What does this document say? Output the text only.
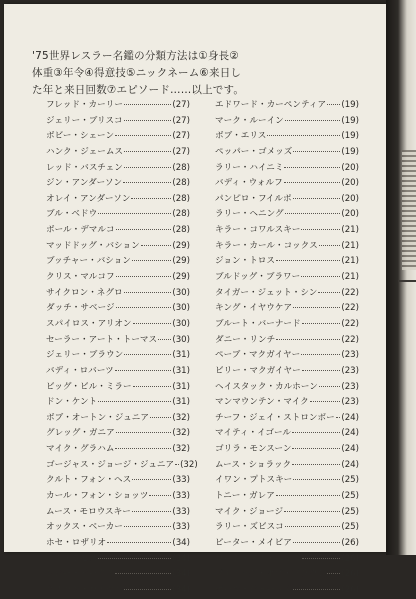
'75世界レスラー名鑑の分類方法は①身長②
体重③年令④得意技⑤ニックネーム⑥来日し
た年と来日回数⑦エピソード……以上です。
フレッド・カーリー	(27)
ジェリー・ブリスコ	(27)
ボビー・シェーン	(27)
ハンク・ジェームス	(27)
レッド・バスチェン	(28)
ジン・アンダーソン	(28)
オレイ・アンダーソン	(28)
ブル・ベドウ	(28)
ボール・デマルコ	(28)
マッドドッグ・バション	(29)
ブッチャー・バション	(29)
クリス・マルコフ	(29)
サイクロン・ネグロ	(30)
ダッチ・サベージ	(30)
スパイロス・アリオン	(30)
セーラー・アート・トーマス (30)
ジェリー・ブラウン	(31)
バディ・ロバーツ	(31)
ビッグ・ビル・ミラー	(31)
ドン・ケント	(31)
ボブ・オートン・ジュニア	(32)
グレッグ・ガニア	(32)
マイク・グラハム	(32)
ゴージャス・ジョージ・ジュニア (32)
クルト・フォン・ヘス	(33)
カール・フォン・ショッツ	(33)
ムース・モロウスキー	(33)
オックス・ベーカー	(33)
ホセ・ロザリオ	(34)
ブル・ラモス	(34)
レジー・パークス	(34)
ネルソン・ロイヤル	(34)
エドワード・カーペンティア (19)
マーク・ルーイン	(19)
ボブ・エリス	(19)
ペッパー・ゴメッズ	(19)
ラリー・ハイニミ	(20)
バディ・ウォルフ	(20)
パンピロ・フイルポ	(20)
ラリー・ヘニング	(20)
キラー・コワルスキー	(21)
キラー・カール・コックス	(21)
ジョン・トロス	(21)
ブルドッグ・ブラワー	(21)
タイガー・ジェット・シン	(22)
キング・イヤウケア	(22)
ブルート・バーナード	(22)
ダニー・リンチ	(22)
ペーブ・マクガイヤー	(23)
ビリー・マクガイヤー	(23)
ヘイスタック・カルホーン	(23)
マンマウンテン・マイク	(23)
チーフ・ジェイ・ストロンボー (24)
マイティ・イゴール	(24)
ゴリラ・モンスーン	(24)
ムース・ショラック	(24)
イワン・プトスキー	(25)
トニー・ガレア	(25)
マイク・ジョージ	(25)
ラリー・ズビスコ	(25)
ピーター・メイビア	(26)
ロード・アル・ヘイズ	(26)
ブルドッグ・ボブ・ブラウン (26)
ボール・ジョーンズ	(26)
